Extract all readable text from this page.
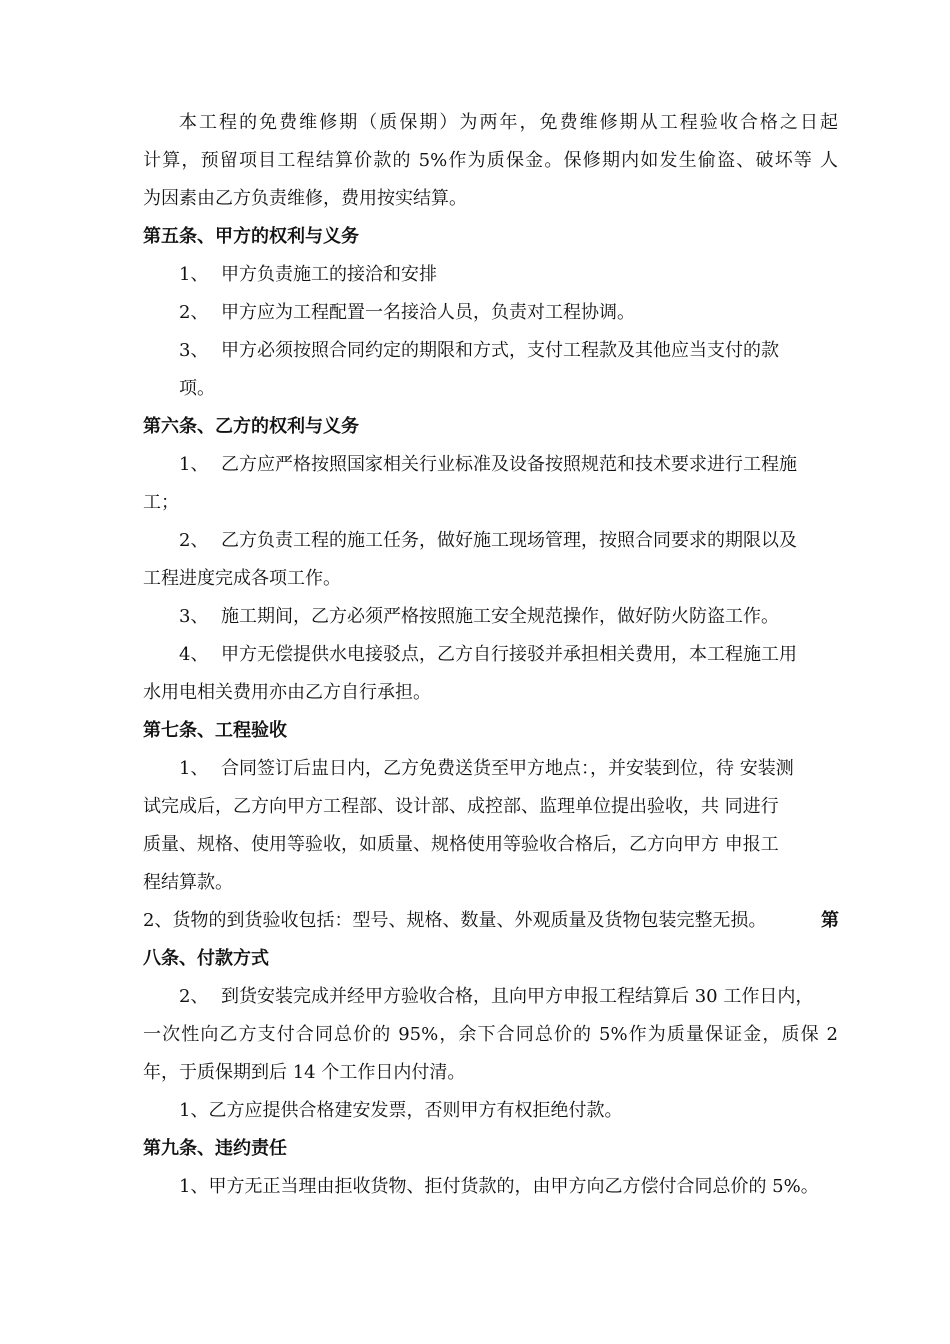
本工程的免费维修期（质保期）为两年，免费维修期从工程验收合格之日起
计算，预留项目工程结算价款的 5%作为质保金。保修期内如发生偷盗、破坏等 人
为因素由乙方负责维修，费用按实结算。
第五条、甲方的权利与义务
1、 甲方负责施工的接洽和安排
2、 甲方应为工程配置一名接洽人员，负责对工程协调。
3、 甲方必须按照合同约定的期限和方式，支付工程款及其他应当支付的款
项。
第六条、乙方的权利与义务
1、 乙方应严格按照国家相关行业标准及设备按照规范和技术要求进行工程施
工；
2、 乙方负责工程的施工任务，做好施工现场管理，按照合同要求的期限以及
工程进度完成各项工作。
3、 施工期间，乙方必须严格按照施工安全规范操作，做好防火防盗工作。
4、 甲方无偿提供水电接驳点，乙方自行接驳并承担相关费用，本工程施工用
水用电相关费用亦由乙方自行承担。
第七条、工程验收
1、 合同签订后盅日内，乙方免费送货至甲方地点：，并安装到位，待 安装测
试完成后，乙方向甲方工程部、设计部、成控部、监理单位提出验收，共 同进行
质量、规格、使用等验收，如质量、规格使用等验收合格后，乙方向甲方 申报工
程结算款。
2、货物的到货验收包括：型号、规格、数量、外观质量及货物包装完整无损。	第
八条、付款方式
2、 到货安装完成并经甲方验收合格，且向甲方申报工程结算后 30 工作日内，
一次性向乙方支付合同总价的 95%，余下合同总价的 5%作为质量保证金，质保 2
年，于质保期到后 14 个工作日内付清。
1、乙方应提供合格建安发票，否则甲方有权拒绝付款。
第九条、违约责任
1、甲方无正当理由拒收货物、拒付货款的，由甲方向乙方偿付合同总价的 5%。
